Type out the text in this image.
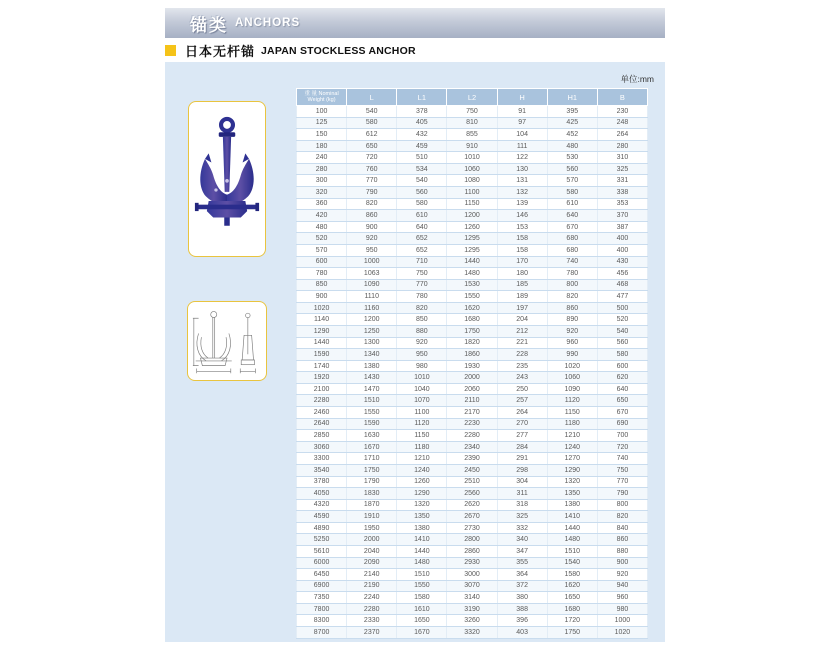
锚类 ANCHORS
日本无杆锚 JAPAN STOCKLESS ANCHOR
单位:mm
重 量 Nominal
Weight (kg)	L	L1	L2	H	H1	B
100	540	378	750	91	395	230
125	580	405	810	97	425	248
150	612	432	855	104	452	264
180	650	459	910	111	480	280
240	720	510	1010	122	530	310
280	760	534	1060	130	560	325
300	770	540	1080	131	570	331
320	790	560	1100	132	580	338
360	820	580	1150	139	610	353
420	860	610	1200	146	640	370
480	900	640	1260	153	670	387
520	920	652	1295	158	680	400
570	950	652	1295	158	680	400
600	1000	710	1440	170	740	430
780	1063	750	1480	180	780	456
850	1090	770	1530	185	800	468
900	1110	780	1550	189	820	477
1020	1160	820	1620	197	860	500
1140	1200	850	1680	204	890	520
1290	1250	880	1750	212	920	540
1440	1300	920	1820	221	960	560
1590	1340	950	1860	228	990	580
1740	1380	980	1930	235	1020	600
1920	1430	1010	2000	243	1060	620
2100	1470	1040	2060	250	1090	640
2280	1510	1070	2110	257	1120	650
2460	1550	1100	2170	264	1150	670
2640	1590	1120	2230	270	1180	690
2850	1630	1150	2280	277	1210	700
3060	1670	1180	2340	284	1240	720
3300	1710	1210	2390	291	1270	740
3540	1750	1240	2450	298	1290	750
3780	1790	1260	2510	304	1320	770
4050	1830	1290	2560	311	1350	790
4320	1870	1320	2620	318	1380	800
4590	1910	1350	2670	325	1410	820
4890	1950	1380	2730	332	1440	840
5250	2000	1410	2800	340	1480	860
5610	2040	1440	2860	347	1510	880
6000	2090	1480	2930	355	1540	900
6450	2140	1510	3000	364	1580	920
6900	2190	1550	3070	372	1620	940
7350	2240	1580	3140	380	1650	960
7800	2280	1610	3190	388	1680	980
8300	2330	1650	3260	396	1720	1000
8700	2370	1670	3320	403	1750	1020
